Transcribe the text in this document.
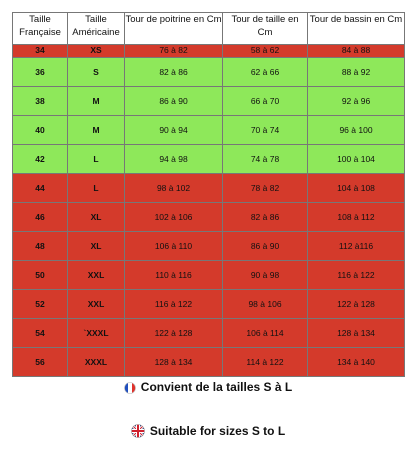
Taille Française	Taille Américaine	Tour de poitrine en Cm	Tour de taille en Cm	Tour de bassin en Cm
34	XS	76 à 82	58 à 62	84 à 88
36	S	82 à 86	62 à 66	88 à 92
38	M	86 à 90	66 à 70	92 à 96
40	M	90 à 94	70 à 74	96 à 100
42	L	94 à 98	74 à 78	100 à 104
44	L	98 à 102	78 à 82	104 à 108
46	XL	102 à 106	82 à 86	108 à 112
48	XL	106 à 110	86 à 90	112 à116
50	XXL	110 à 116	90 à 98	116 à 122
52	XXL	116 à 122	98 à 106	122 à 128
54	`XXXL	122 à 128	106 à 114	128 à 134
56	XXXL	128 à 134	114 à 122	134 à 140
Convient de la tailles S à L
Suitable for sizes S to L
